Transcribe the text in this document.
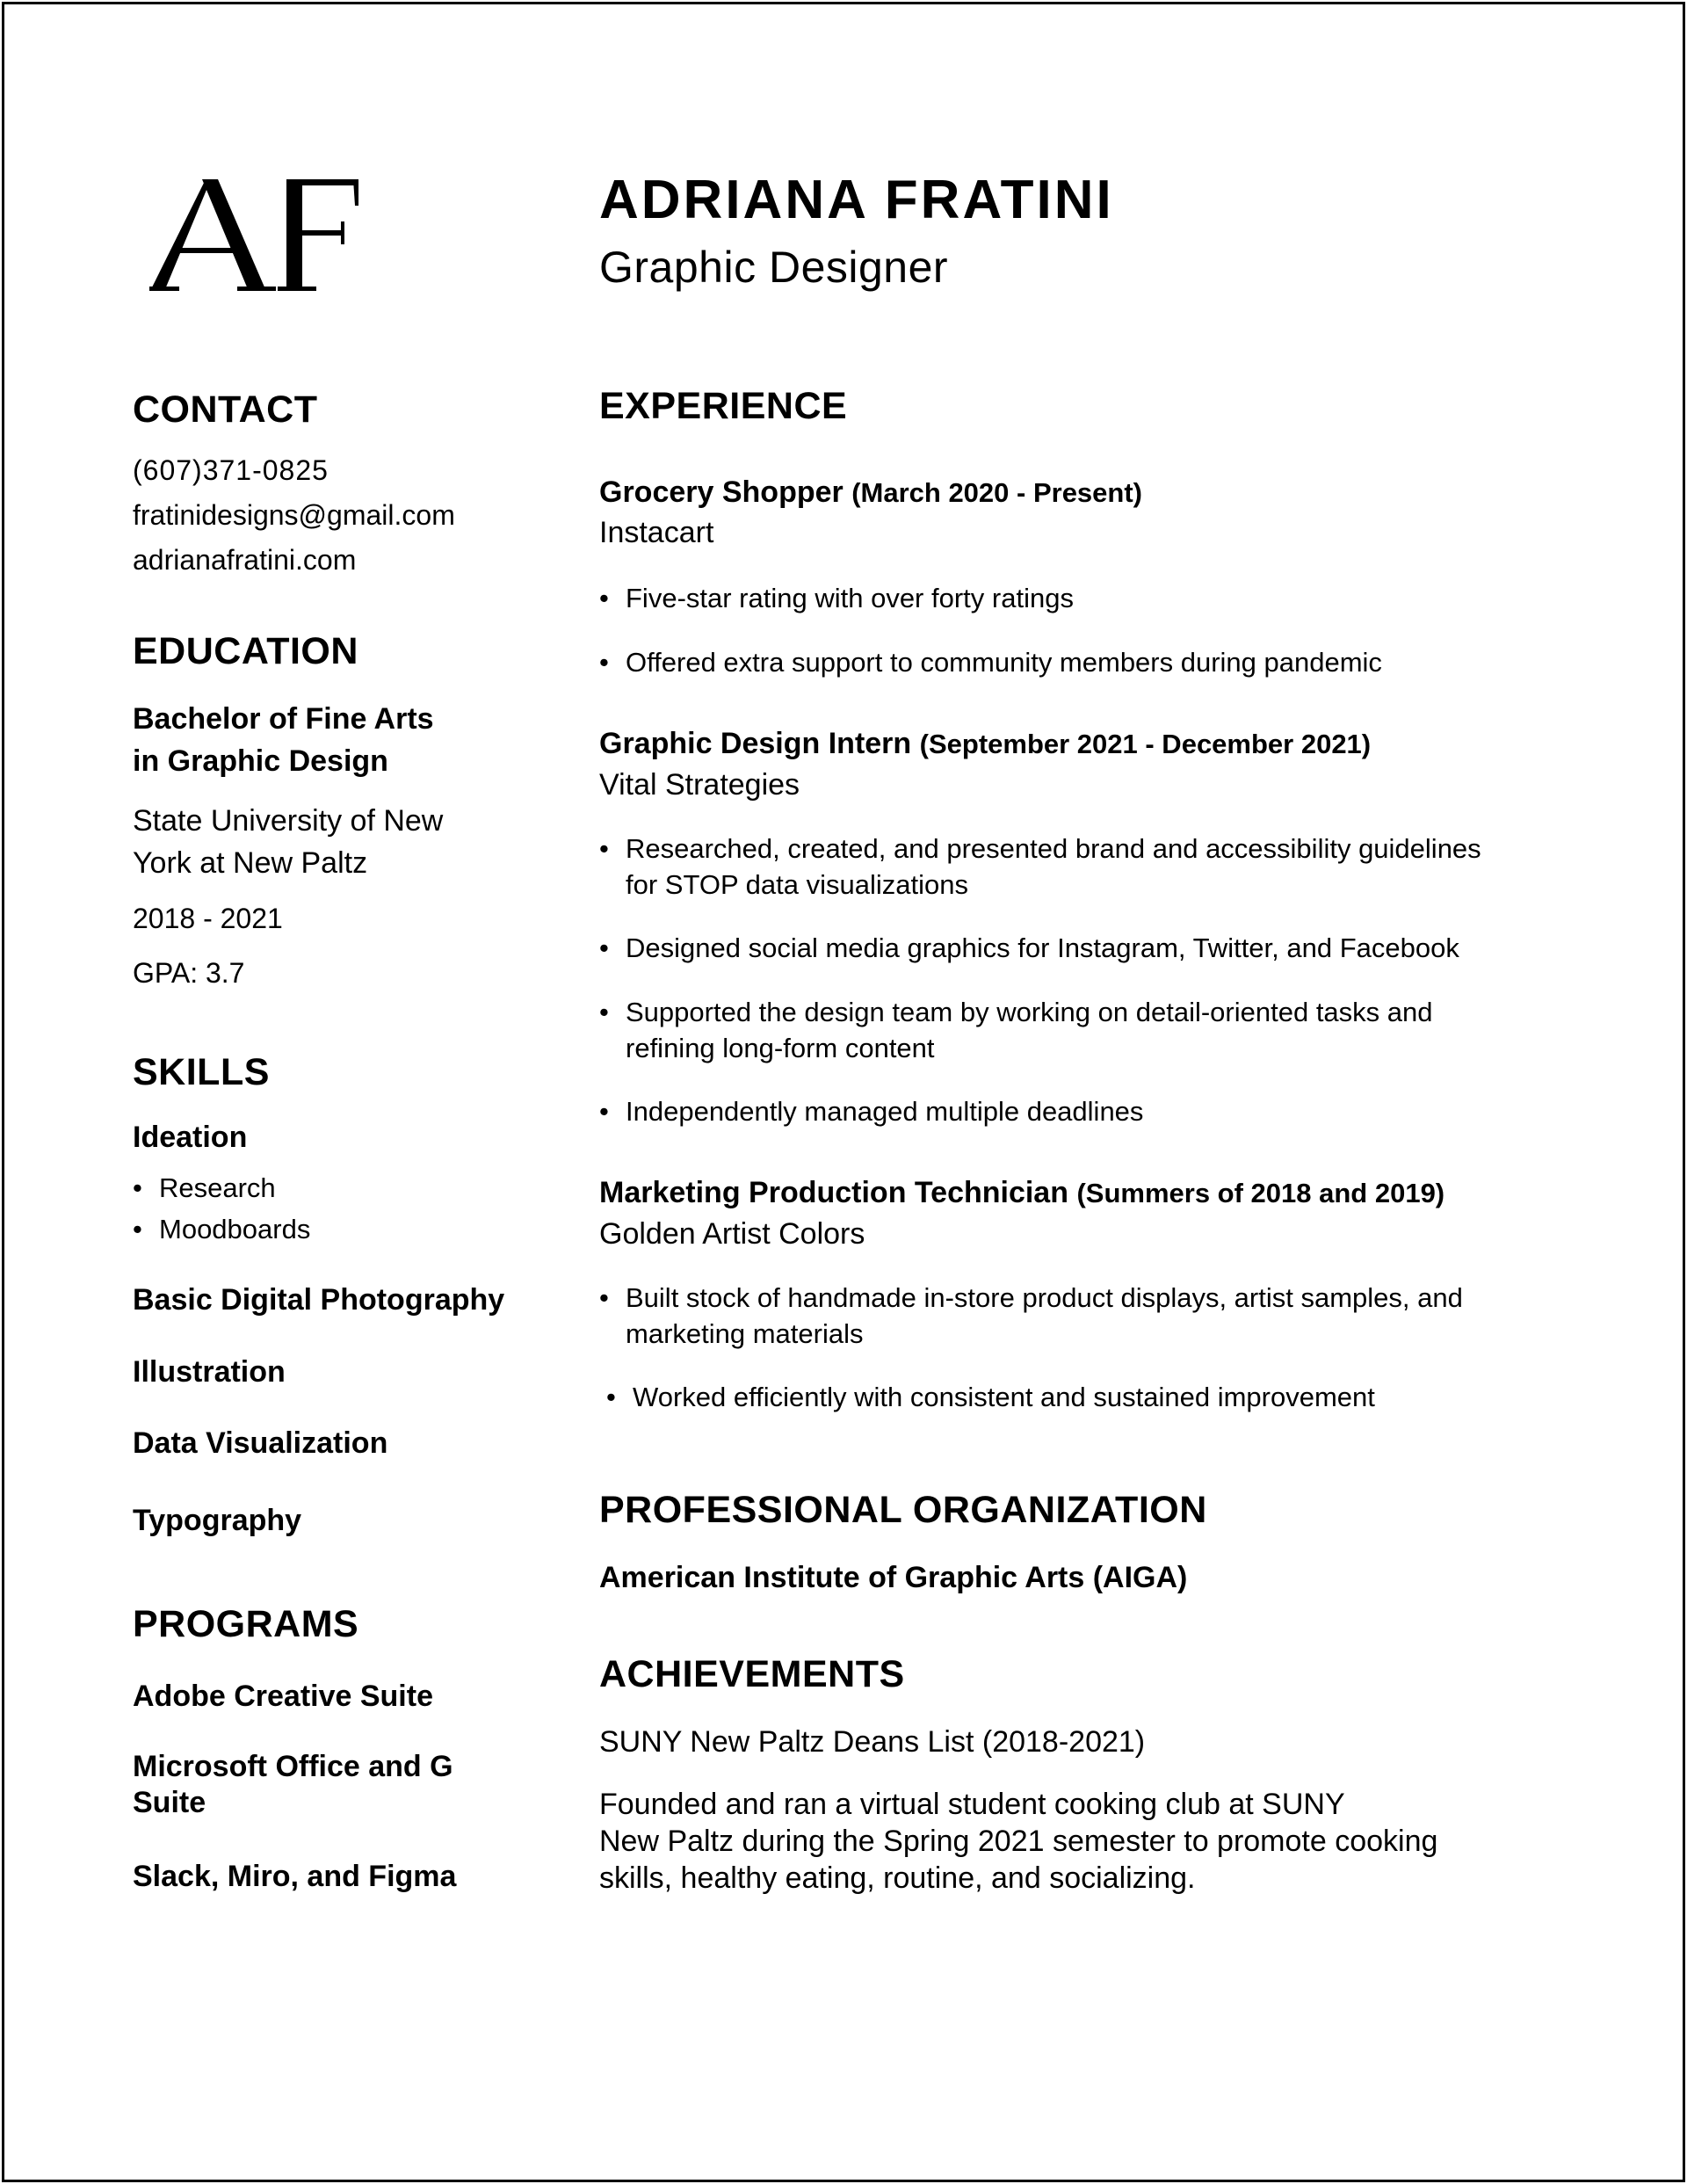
ADRIANA FRATINI
Graphic Designer
CONTACT
(607)371-0825
fratinidesigns@gmail.com
adrianafratini.com
EDUCATION
Bachelor of Fine Arts
in Graphic Design
State University of New
York at New Paltz
2018 - 2021
GPA: 3.7
SKILLS
Ideation
• Research
• Moodboards
Basic Digital Photography
Illustration
Data Visualization
Typography
PROGRAMS
Adobe Creative Suite
Microsoft Office and G
Suite
Slack, Miro, and Figma
EXPERIENCE
Grocery Shopper (March 2020 - Present)
Instacart
• Five-star rating with over forty ratings
• Offered extra support to community members during pandemic
Graphic Design Intern (September 2021 - December 2021)
Vital Strategies
• Researched, created, and presented brand and accessibility guidelines
for STOP data visualizations
• Designed social media graphics for Instagram, Twitter, and Facebook
• Supported the design team by working on detail-oriented tasks and
refining long-form content
• Independently managed multiple deadlines
Marketing Production Technician (Summers of 2018 and 2019)
Golden Artist Colors
• Built stock of handmade in-store product displays, artist samples, and
marketing materials
• Worked efficiently with consistent and sustained improvement
PROFESSIONAL ORGANIZATION
American Institute of Graphic Arts (AIGA)
ACHIEVEMENTS
SUNY New Paltz Deans List (2018-2021)
Founded and ran a virtual student cooking club at SUNY
New Paltz during the Spring 2021 semester to promote cooking
skills, healthy eating, routine, and socializing.
